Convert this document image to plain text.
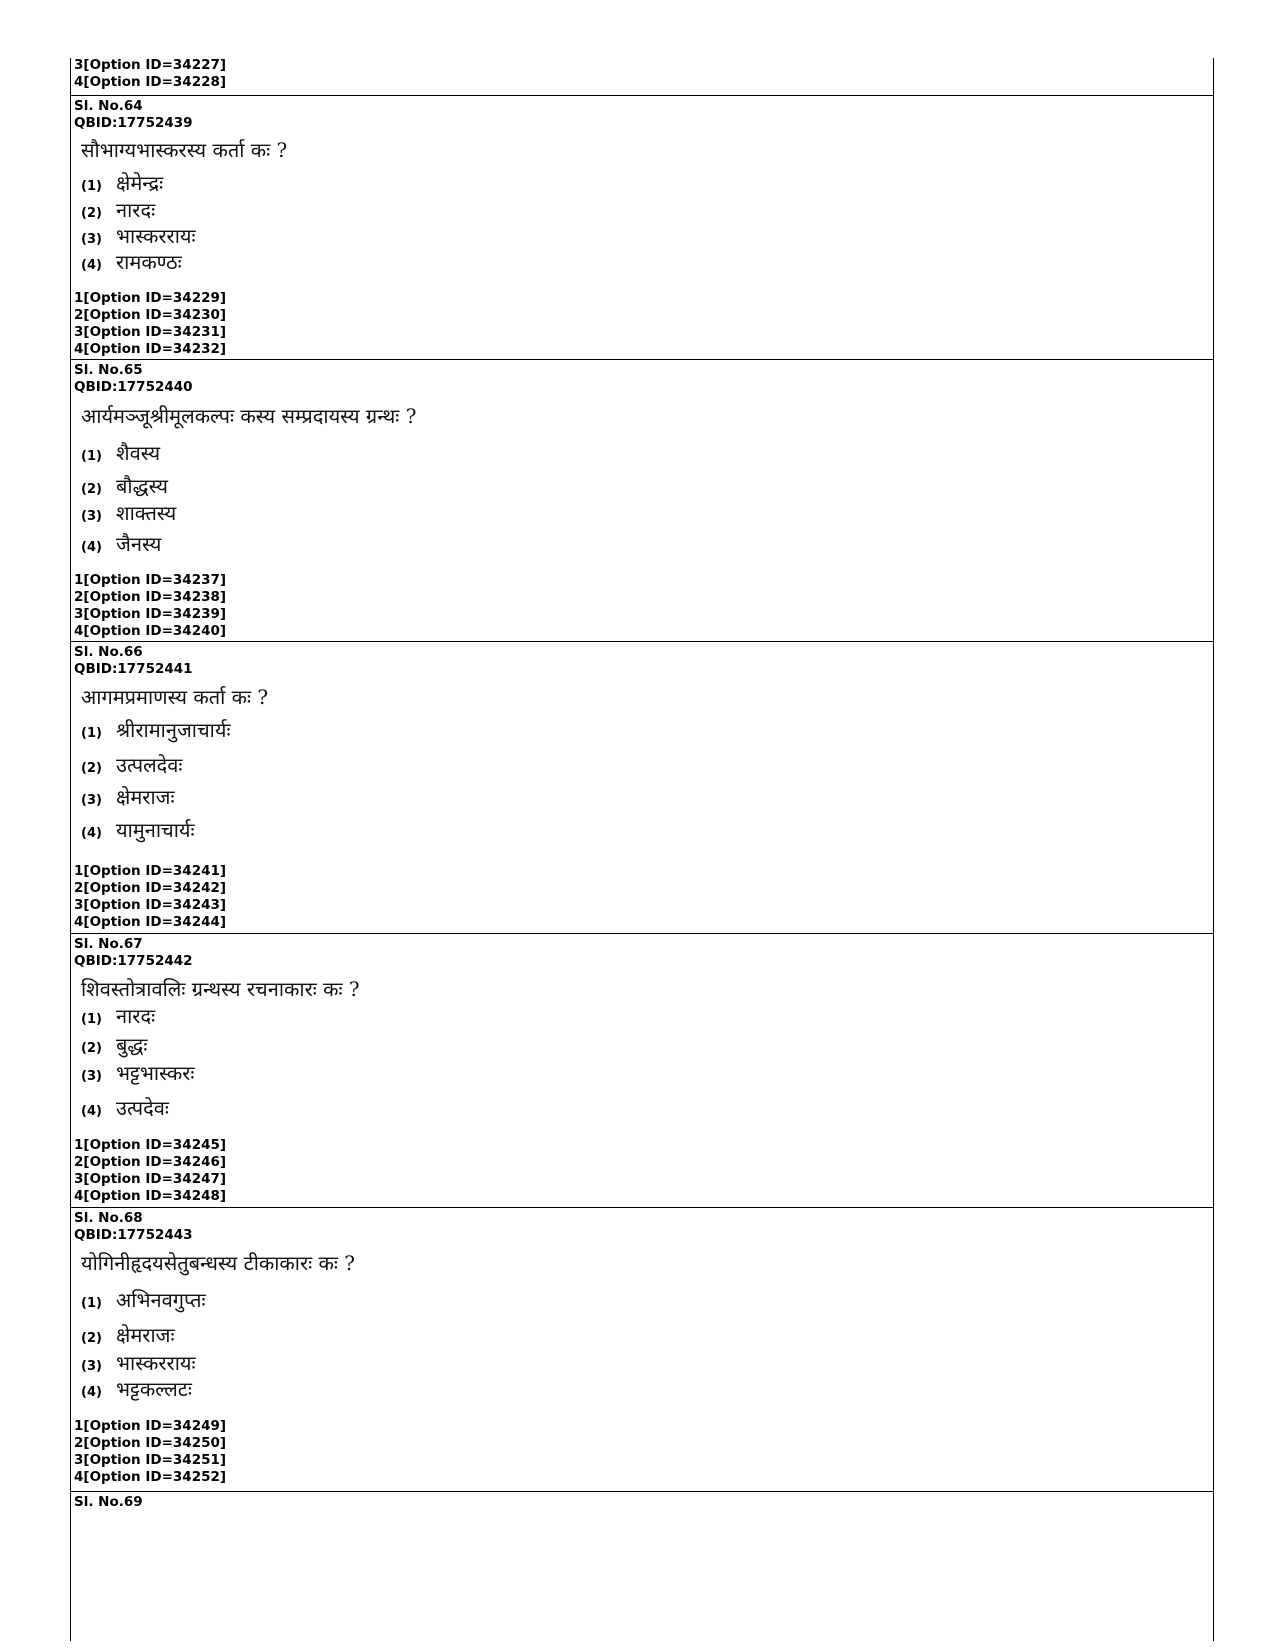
3[Option ID=34227]
4[Option ID=34228]
Sl. No.64
QBID:17752439
सौभाग्यभास्करस्य कर्ता कः ?
(1) क्षेमेन्द्रः
(2) नारदः
(3) भास्कररायः
(4) रामकण्ठः
1[Option ID=34229]
2[Option ID=34230]
3[Option ID=34231]
4[Option ID=34232]
Sl. No.65
QBID:17752440
आर्यमञ्जूश्रीमूलकल्पः कस्य सम्प्रदायस्य ग्रन्थः ?
(1) शैवस्य
(2) बौद्धस्य
(3) शाक्तस्य
(4) जैनस्य
1[Option ID=34237]
2[Option ID=34238]
3[Option ID=34239]
4[Option ID=34240]
Sl. No.66
QBID:17752441
आगमप्रमाणस्य कर्ता कः ?
(1) श्रीरामानुजाचार्यः
(2) उत्पलदेवः
(3) क्षेमराजः
(4) यामुनाचार्यः
1[Option ID=34241]
2[Option ID=34242]
3[Option ID=34243]
4[Option ID=34244]
Sl. No.67
QBID:17752442
शिवस्तोत्रावलिः ग्रन्थस्य रचनाकारः कः ?
(1) नारदः
(2) बुद्धः
(3) भट्टभास्करः
(4) उत्पदेवः
1[Option ID=34245]
2[Option ID=34246]
3[Option ID=34247]
4[Option ID=34248]
Sl. No.68
QBID:17752443
योगिनीहृदयसेतुबन्धस्य टीकाकारः कः ?
(1) अभिनवगुप्तः
(2) क्षेमराजः
(3) भास्कररायः
(4) भट्टकल्लटः
1[Option ID=34249]
2[Option ID=34250]
3[Option ID=34251]
4[Option ID=34252]
Sl. No.69
